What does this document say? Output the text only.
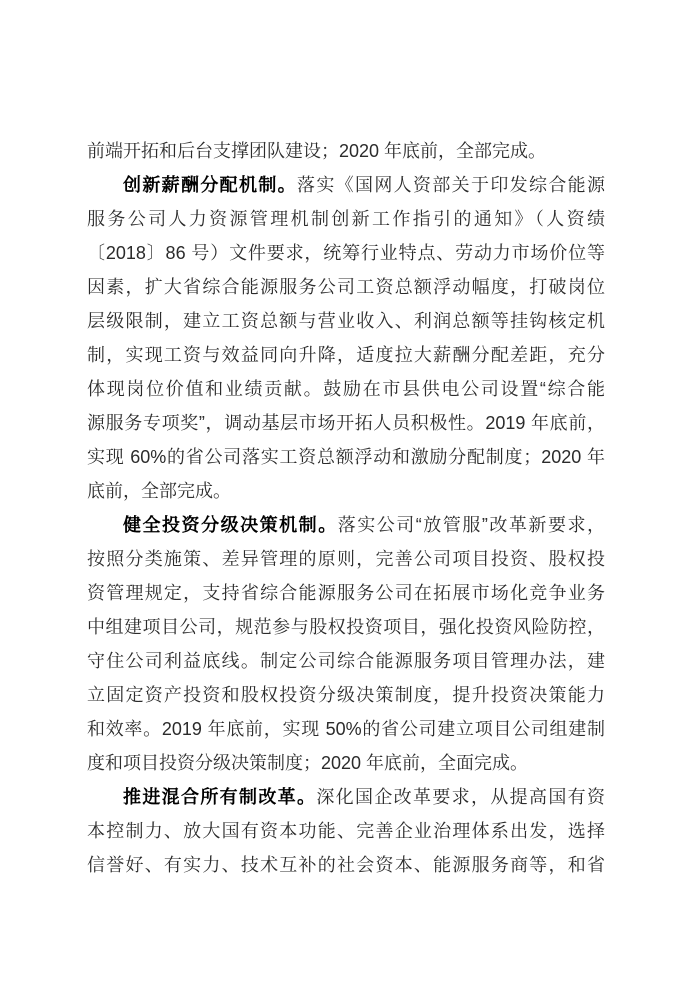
前端开拓和后台支撑团队建设；2020 年底前，全部完成。
创新薪酬分配机制。落实《国网人资部关于印发综合能源
服务公司人力资源管理机制创新工作指引的通知》（人资绩
〔2018〕86 号）文件要求，统筹行业特点、劳动力市场价位等
因素，扩大省综合能源服务公司工资总额浮动幅度，打破岗位
层级限制，建立工资总额与营业收入、利润总额等挂钩核定机
制，实现工资与效益同向升降，适度拉大薪酬分配差距，充分
体现岗位价值和业绩贡献。鼓励在市县供电公司设置“综合能
源服务专项奖”，调动基层市场开拓人员积极性。2019 年底前，
实现 60%的省公司落实工资总额浮动和激励分配制度；2020 年
底前，全部完成。
健全投资分级决策机制。落实公司“放管服”改革新要求，
按照分类施策、差异管理的原则，完善公司项目投资、股权投
资管理规定，支持省综合能源服务公司在拓展市场化竞争业务
中组建项目公司，规范参与股权投资项目，强化投资风险防控，
守住公司利益底线。制定公司综合能源服务项目管理办法，建
立固定资产投资和股权投资分级决策制度，提升投资决策能力
和效率。2019 年底前，实现 50%的省公司建立项目公司组建制
度和项目投资分级决策制度；2020 年底前，全面完成。
推进混合所有制改革。深化国企改革要求，从提高国有资
本控制力、放大国有资本功能、完善企业治理体系出发，选择
信誉好、有实力、技术互补的社会资本、能源服务商等，和省
